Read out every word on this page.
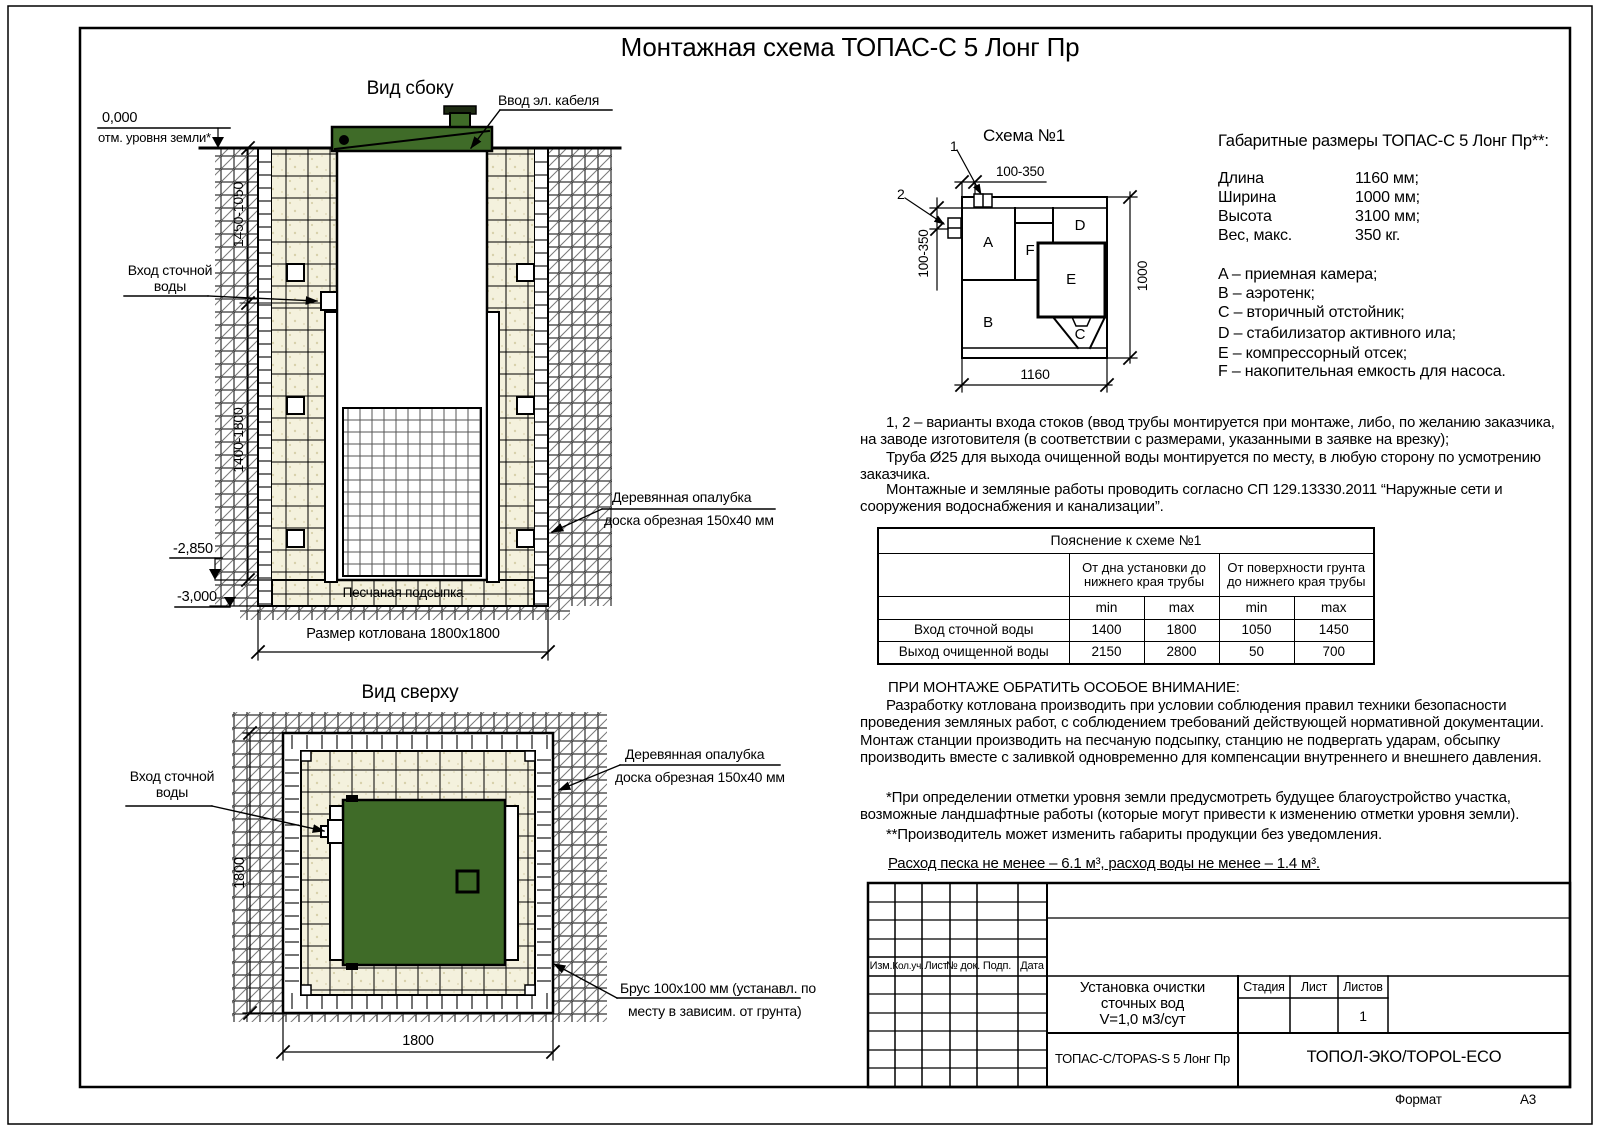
Монтажная схема ТОПАС-С 5 Лонг Пр
Вид сбоку
Ввод эл. кабеля
0,000
отм. уровня земли*
1450-1050
Вход сточной воды
1400-1800
-2,850
-3,000	Песчаная подсыпка
Размер котлована 1800x1800
Деревянная опалубка
доска обрезная 150x40 мм
Вид сверху
Вход сточной воды
1800
1800
Деревянная опалубка
доска обрезная 150x40 мм
Брус 100x100 мм (устанавл. по
месту в зависим. от грунта)
Схема №1
1
2
100-350
100-350	1000
1160
A
B
C
D
E
F
Габаритные размеры ТОПАС-С 5 Лонг Пр**:
Длина	1160 мм;
Ширина	1000 мм;
Высота	3100 мм;
Вес, макс.	350 кг.
A – приемная камера;
B – аэротенк;
C – вторичный отстойник;
D – стабилизатор активного ила;
E – компрессорный отсек;
F – накопительная емкость для насоса.
1, 2 – варианты входа стоков (ввод трубы монтируется при монтаже, либо, по желанию заказчика, на заводе изготовителя (в соответствии с размерами, указанными в заявке на врезку);
Труба Ø25 для выхода очищенной воды монтируется по месту, в любую сторону по усмотрению заказчика.
Монтажные и земляные работы проводить согласно СП 129.13330.2011 “Наружные сети и сооружения водоснабжения и канализации”.
ПРИ МОНТАЖЕ ОБРАТИТЬ ОСОБОЕ ВНИМАНИЕ:
Разработку котлована производить при условии соблюдения правил техники безопасности проведения земляных работ, с соблюдением требований действующей нормативной документации. Монтаж станции производить на песчаную подсыпку, станцию не подвергать ударам, обсыпку производить вместе с заливкой одновременно для компенсации внутреннего и внешнего давления.
*При определении отметки уровня земли предусмотреть будущее благоустройство участка, возможные ландшафтные работы (которые могут привести к изменению отметки уровня земли).
**Производитель может изменить габариты продукции без уведомления.
Расход песка не менее – 6.1 м³, расход воды не менее – 1.4 м³.
Пояснение к схеме №1				
	От дна установки до нижнего края трубы		От поверхности грунта до нижнего края трубы	
	min	max	min	max
Вход сточной воды	1400	1800	1050	1450
Выход очищенной воды	2150	2800	50	700
Изм. Кол.уч. Лист
№ док. Подп. Дата
Стадия	Лист	Листов
1
Установка очистки
сточных вод
V=1,0 м3/сут
ТОПАС-С/TOPAS-S 5 Лонг Пр	ТОПОЛ-ЭКО/TOPOL-ECO
Формат	А3
